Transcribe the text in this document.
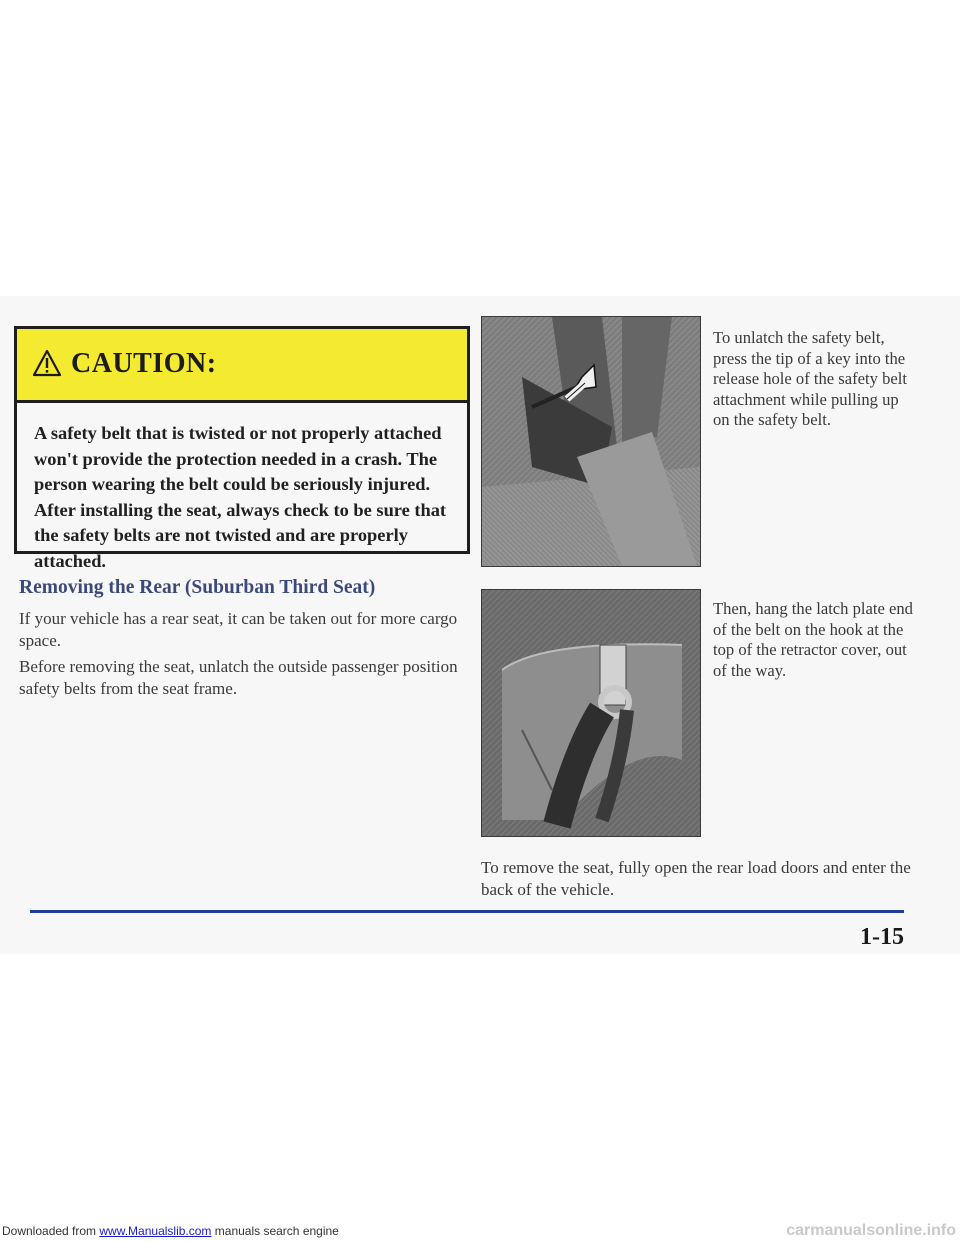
CAUTION:
A safety belt that is twisted or not properly attached won't provide the protection needed in a crash. The person wearing the belt could be seriously injured. After installing the seat, always check to be sure that the safety belts are not twisted and are properly attached.
Removing the Rear (Suburban Third Seat)
If your vehicle has a rear seat, it can be taken out for more cargo space.
Before removing the seat, unlatch the outside passenger position safety belts from the seat frame.
To unlatch the safety belt, press the tip of a key into the release hole of the safety belt attachment while pulling up on the safety belt.
Then, hang the latch plate end of the belt on the hook at the top of the retractor cover, out of the way.
To remove the seat, fully open the rear load doors and enter the back of the vehicle.
1-15
Downloaded from www.Manualslib.com manuals search engine	carmanualsonline.info
